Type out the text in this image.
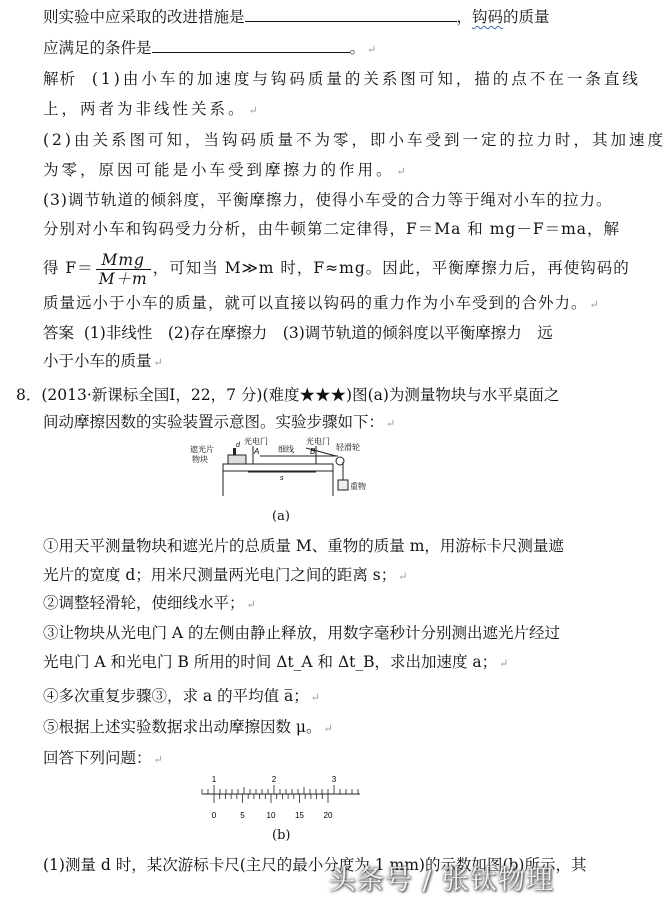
则实验中应采取的改进措施是	，钩码的质量
应满足的条件是	。 ↵
解析 (1)由小车的加速度与钩码质量的关系图可知，描的点不在一条直线
上，两者为非线性关系。 ↵
(2)由关系图可知，当钩码质量不为零，即小车受到一定的拉力时，其加速度
为零，原因可能是小车受到摩擦力的作用。 ↵
(3)调节轨道的倾斜度，平衡摩擦力，使得小车受的合力等于绳对小车的拉力。
分别对小车和钩码受力分析，由牛顿第二定律得，F＝Ma 和 mg－F＝ma，解
得 $F= \frac{\text{Mmg}}{M+m}$ ，可知当 M≫m 时，F≈mg。因此，平衡摩擦力后，再使钩码的
质量远小于小车的质量，就可以直接以钩码的重力作为小车受到的合外力。 ↵
答案 (1)非线性　(2)存在摩擦力　(3)调节轨道的倾斜度以平衡摩擦力　远
小于小车的质量 ↵
8．(2013·新课标全国Ⅰ，22，7 分)(难度★★★)图(a)为测量物块与水平桌面之
间动摩擦因数的实验装置示意图。实验步骤如下： ↵
遮光片
物块
d 光电门	光电门
A	B
细线
s
轻滑轮
重物
(a)
①用天平测量物块和遮光片的总质量 M、重物的质量 m，用游标卡尺测量遮
光片的宽度 d；用米尺测量两光电门之间的距离 s； ↵
②调整轻滑轮，使细线水平； ↵
③让物块从光电门 A 的左侧由静止释放，用数字毫秒计分别测出遮光片经过
光电门 A 和光电门 B 所用的时间 Δt_A 和 Δt_B，求出加速度 a； ↵
④多次重复步骤③，求 a 的平均值 a̅； ↵
⑤根据上述实验数据求出动摩擦因数 μ。 ↵
回答下列问题： ↵
1	2	3
0	5	10 15 20
(b)
(1)测量 d 时，某次游标卡尺(主尺的最小分度为 1 mm)的示数如图(b)所示，其
头条号 / 张钛物理
